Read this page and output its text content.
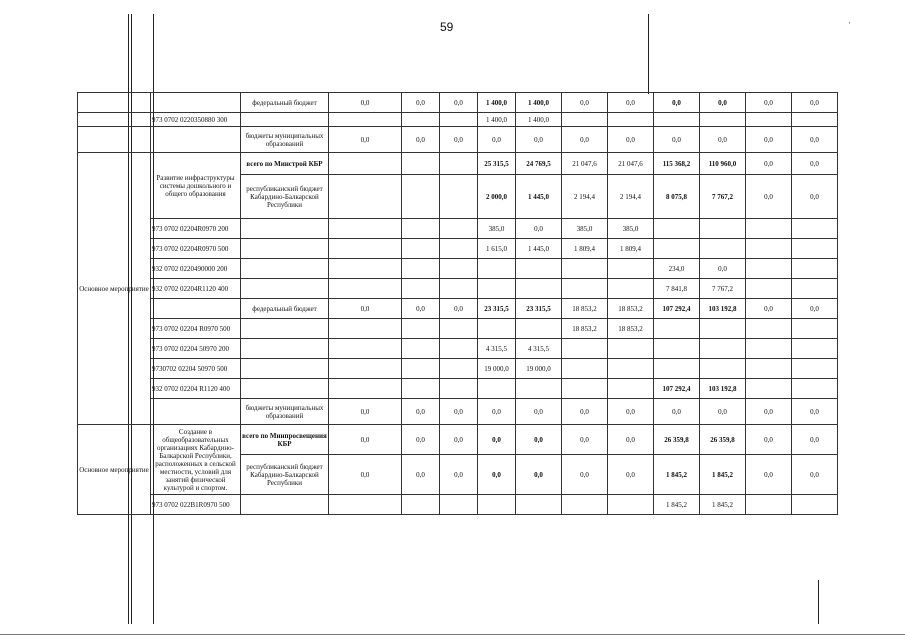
59	·
		федеральный бюджет	0,0	0,0	0,0	1 400,0	1 400,0	0,0	0,0	0,0	0,0	0,0	0,0
	973 0702 0220350880 300					1 400,0	1 400,0						
		бюджеты муниципальных образований	0,0	0,0	0,0	0,0	0,0	0,0	0,0	0,0	0,0	0,0	0,0
Основное мероприятие	Развитие инфраструктуры системы дошкольного и общего образования	всего по Минстрой КБР				25 315,5	24 769,5	21 047,6	21 047,6	115 368,2	110 960,0	0,0	0,0
		республиканский бюджет Кабардино-Балкарской Республики				2 000,0	1 445,0	2 194,4	2 194,4	8 075,8	7 767,2	0,0	0,0
	973 0702 02204R0970 200					385,0	0,0	385,0	385,0				
	973 0702 02204R0970 500					1 615,0	1 445,0	1 809,4	1 809,4				
	932 0702 0220490000 200									234,0	0,0		
	932 0702 02204R1120 400									7 841,8	7 767,2		
		федеральный бюджет	0,0	0,0	0,0	23 315,5	23 315,5	18 853,2	18 853,2	107 292,4	103 192,8	0,0	0,0
	973 0702 02204 R0970 500							18 853,2	18 853,2				
	973 0702 02204 50970 200					4 315,5	4 315,5						
	9730702 02204 50970 500					19 000,0	19 000,0						
	932 0702 02204 R1120 400									107 292,4	103 192,8		
		бюджеты муниципальных образований	0,0	0,0	0,0	0,0	0,0	0,0	0,0	0,0	0,0	0,0	0,0
Основное мероприятие	Создание в общеобразовательных организациях Кабардино-Балкарской Республики, расположенных в сельской местности, условий для занятий физической культурой и спортом.	всего по Минпросвещения КБР	0,0	0,0	0,0	0,0	0,0	0,0	0,0	26 359,8	26 359,8	0,0	0,0
		республиканский бюджет Кабардино-Балкарской Республики	0,0	0,0	0,0	0,0	0,0	0,0	0,0	1 845,2	1 845,2	0,0	0,0
	973 0702 022В1R0970 500									1 845,2	1 845,2		
